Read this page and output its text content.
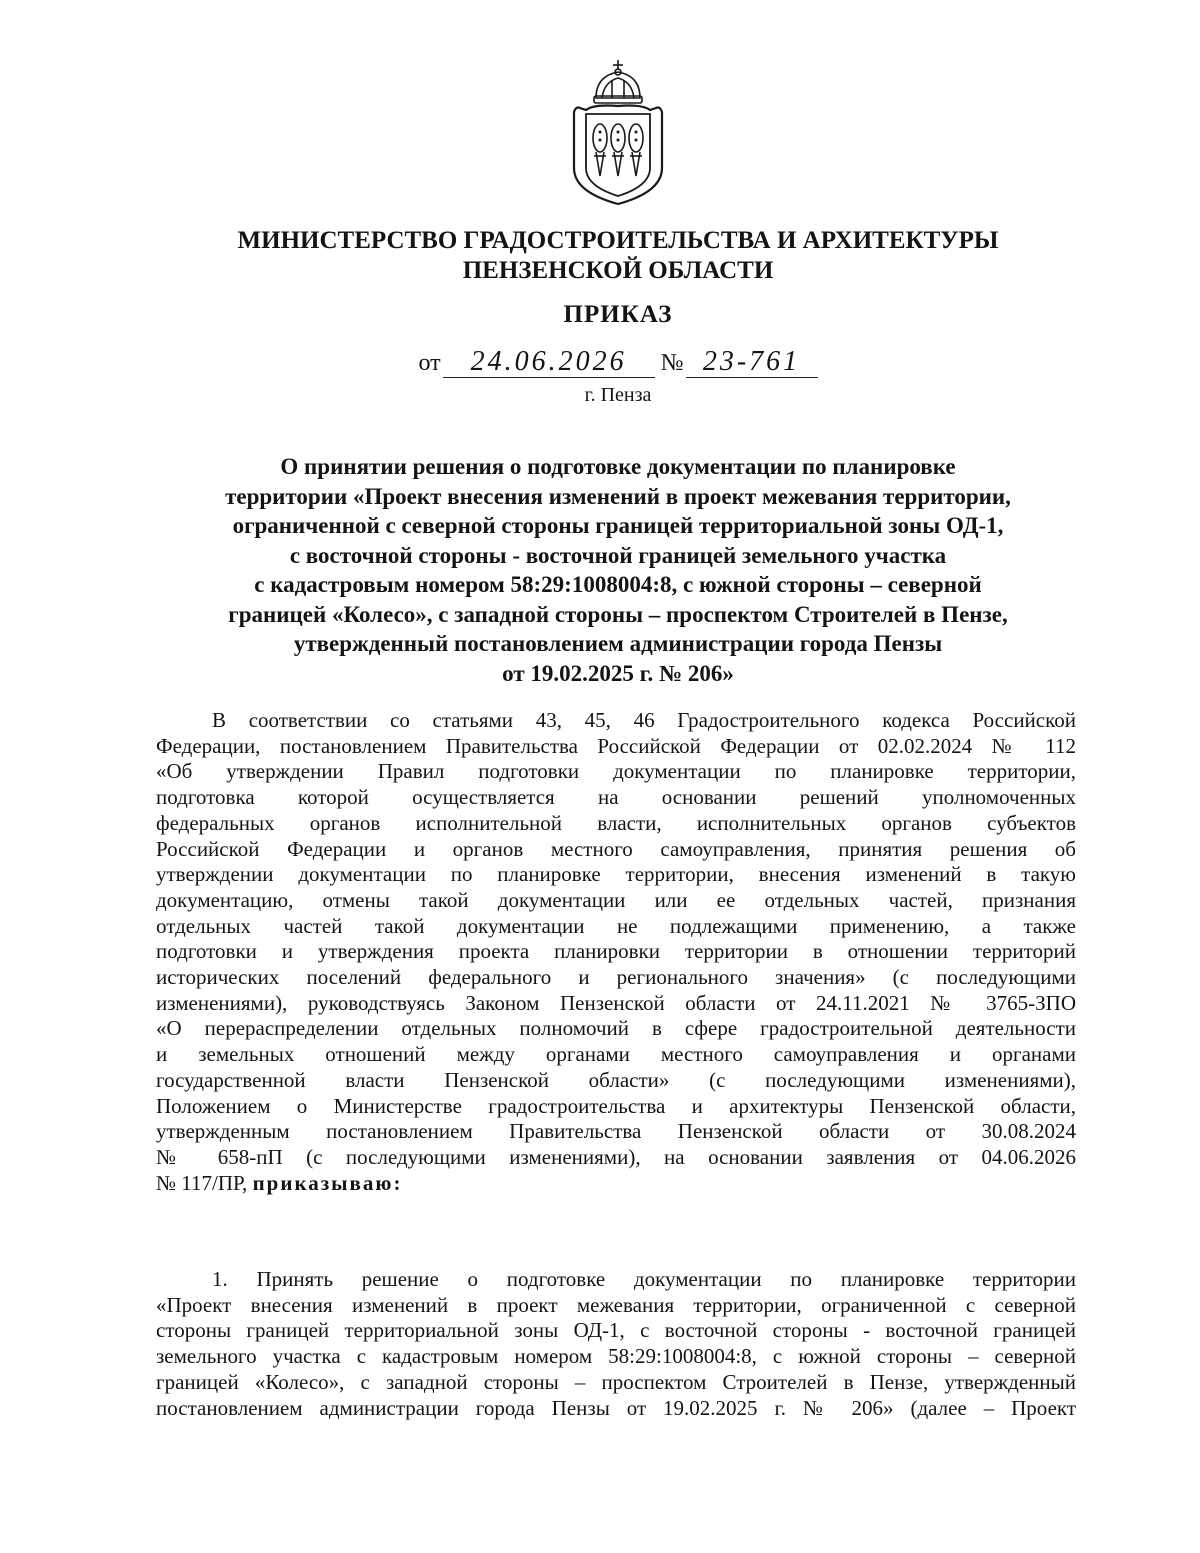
МИНИСТЕРСТВО ГРАДОСТРОИТЕЛЬСТВА И АРХИТЕКТУРЫ
ПЕНЗЕНСКОЙ ОБЛАСТИ
ПРИКАЗ
от 24.06.2026 № 23-761
г. Пенза
О принятии решения о подготовке документации по планировке
территории «Проект внесения изменений в проект межевания территории,
ограниченной с северной стороны границей территориальной зоны ОД-1,
с восточной стороны - восточной границей земельного участка
с кадастровым номером 58:29:1008004:8, с южной стороны – северной
границей «Колесо», с западной стороны – проспектом Строителей в Пензе,
утвержденный постановлением администрации города Пензы
от 19.02.2025 г. № 206»
В соответствии со статьями 43, 45, 46 Градостроительного кодекса Российской
Федерации, постановлением Правительства Российской Федерации от 02.02.2024 № 112
«Об утверждении Правил подготовки документации по планировке территории,
подготовка которой осуществляется на основании решений уполномоченных
федеральных органов исполнительной власти, исполнительных органов субъектов
Российской Федерации и органов местного самоуправления, принятия решения об
утверждении документации по планировке территории, внесения изменений в такую
документацию, отмены такой документации или ее отдельных частей, признания
отдельных частей такой документации не подлежащими применению, а также
подготовки и утверждения проекта планировки территории в отношении территорий
исторических поселений федерального и регионального значения» (с последующими
изменениями), руководствуясь Законом Пензенской области от 24.11.2021 № 3765-ЗПО
«О перераспределении отдельных полномочий в сфере градостроительной деятельности
и земельных отношений между органами местного самоуправления и органами
государственной власти Пензенской области» (с последующими изменениями),
Положением о Министерстве градостроительства и архитектуры Пензенской области,
утвержденным постановлением Правительства Пензенской области от 30.08.2024
№ 658-пП (с последующими изменениями), на основании заявления от 04.06.2026
№ 117/ПР, приказываю:
1. Принять решение о подготовке документации по планировке территории
«Проект внесения изменений в проект межевания территории, ограниченной с северной
стороны границей территориальной зоны ОД-1, с восточной стороны - восточной границей
земельного участка с кадастровым номером 58:29:1008004:8, с южной стороны – северной
границей «Колесо», с западной стороны – проспектом Строителей в Пензе, утвержденный
постановлением администрации города Пензы от 19.02.2025 г. № 206» (далее – Проект
